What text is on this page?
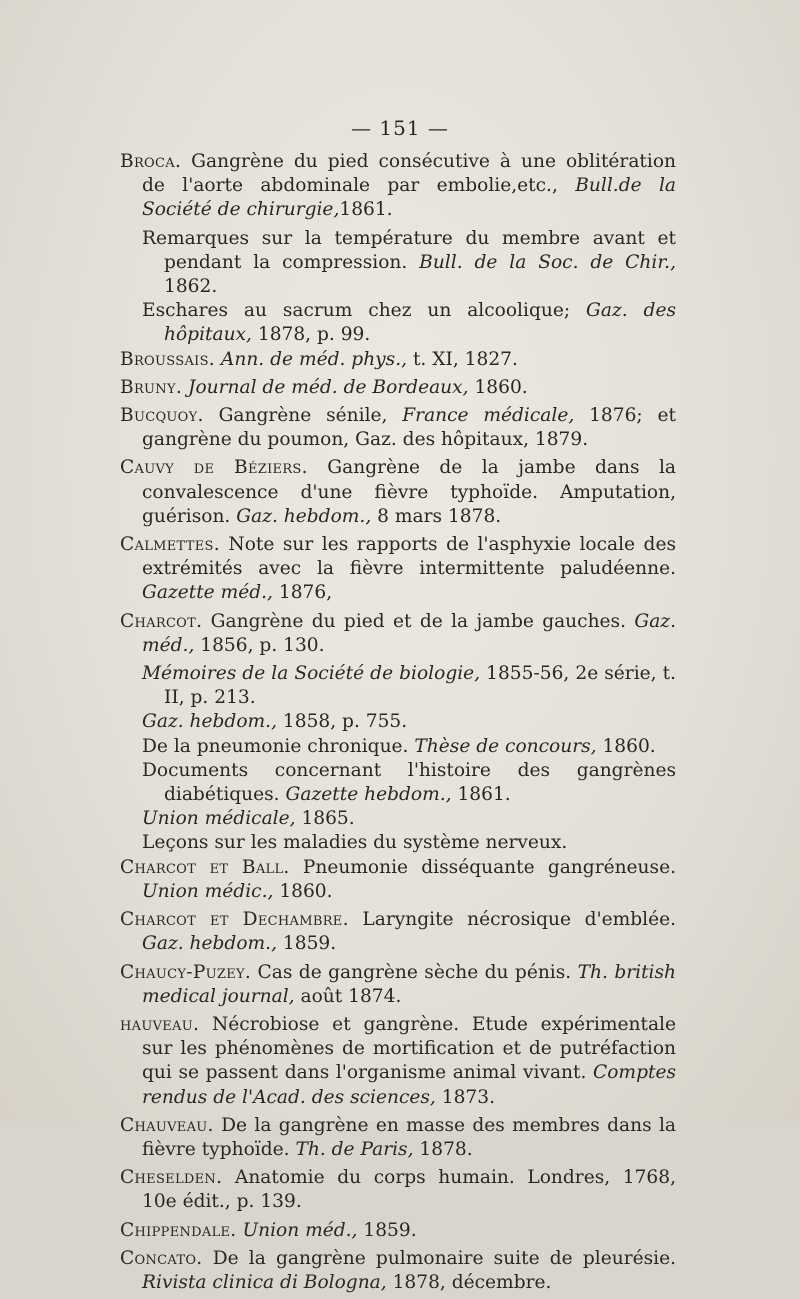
— 151 —

Broca. Gangrène du pied consécutive à une oblitération de l'aorte abdominale par embolie,etc., Bull.de la Société de chirurgie,1861.

Remarques sur la température du membre avant et pendant la compression. Bull. de la Soc. de Chir., 1862.

Eschares au sacrum chez un alcoolique; Gaz. des hôpitaux, 1878, p. 99.

Broussais. Ann. de méd. phys., t. XI, 1827.

Bruny. Journal de méd. de Bordeaux, 1860.

Bucquoy. Gangrène sénile, France médicale, 1876; et gangrène du poumon, Gaz. des hôpitaux, 1879.

Cauvy de Béziers. Gangrène de la jambe dans la convalescence d'une fièvre typhoïde. Amputation, guérison. Gaz. hebdom., 8 mars 1878.

Calmettes. Note sur les rapports de l'asphyxie locale des extrémités avec la fièvre intermittente paludéenne. Gazette méd., 1876,

Charcot. Gangrène du pied et de la jambe gauches. Gaz. méd., 1856, p. 130.

Mémoires de la Société de biologie, 1855-56, 2e série, t. II, p. 213.

Gaz. hebdom., 1858, p. 755.

De la pneumonie chronique. Thèse de concours, 1860.

Documents concernant l'histoire des gangrènes diabétiques. Gazette hebdom., 1861.

Union médicale, 1865.

Leçons sur les maladies du système nerveux.

Charcot et Ball. Pneumonie disséquante gangréneuse. Union médic., 1860.

Charcot et Dechambre. Laryngite nécrosique d'emblée. Gaz. hebdom., 1859.

Chaucy-Puzey. Cas de gangrène sèche du pénis. Th. british medical journal, août 1874.

hauveau. Nécrobiose et gangrène. Etude expérimentale sur les phénomènes de mortification et de putréfaction qui se passent dans l'organisme animal vivant. Comptes rendus de l'Acad. des sciences, 1873.

Chauveau. De la gangrène en masse des membres dans la fièvre typhoïde. Th. de Paris, 1878.

Cheselden. Anatomie du corps humain. Londres, 1768, 10e édit., p. 139.

Chippendale. Union méd., 1859.

Concato. De la gangrène pulmonaire suite de pleurésie. Rivista clinica di Bologna, 1878, décembre.
